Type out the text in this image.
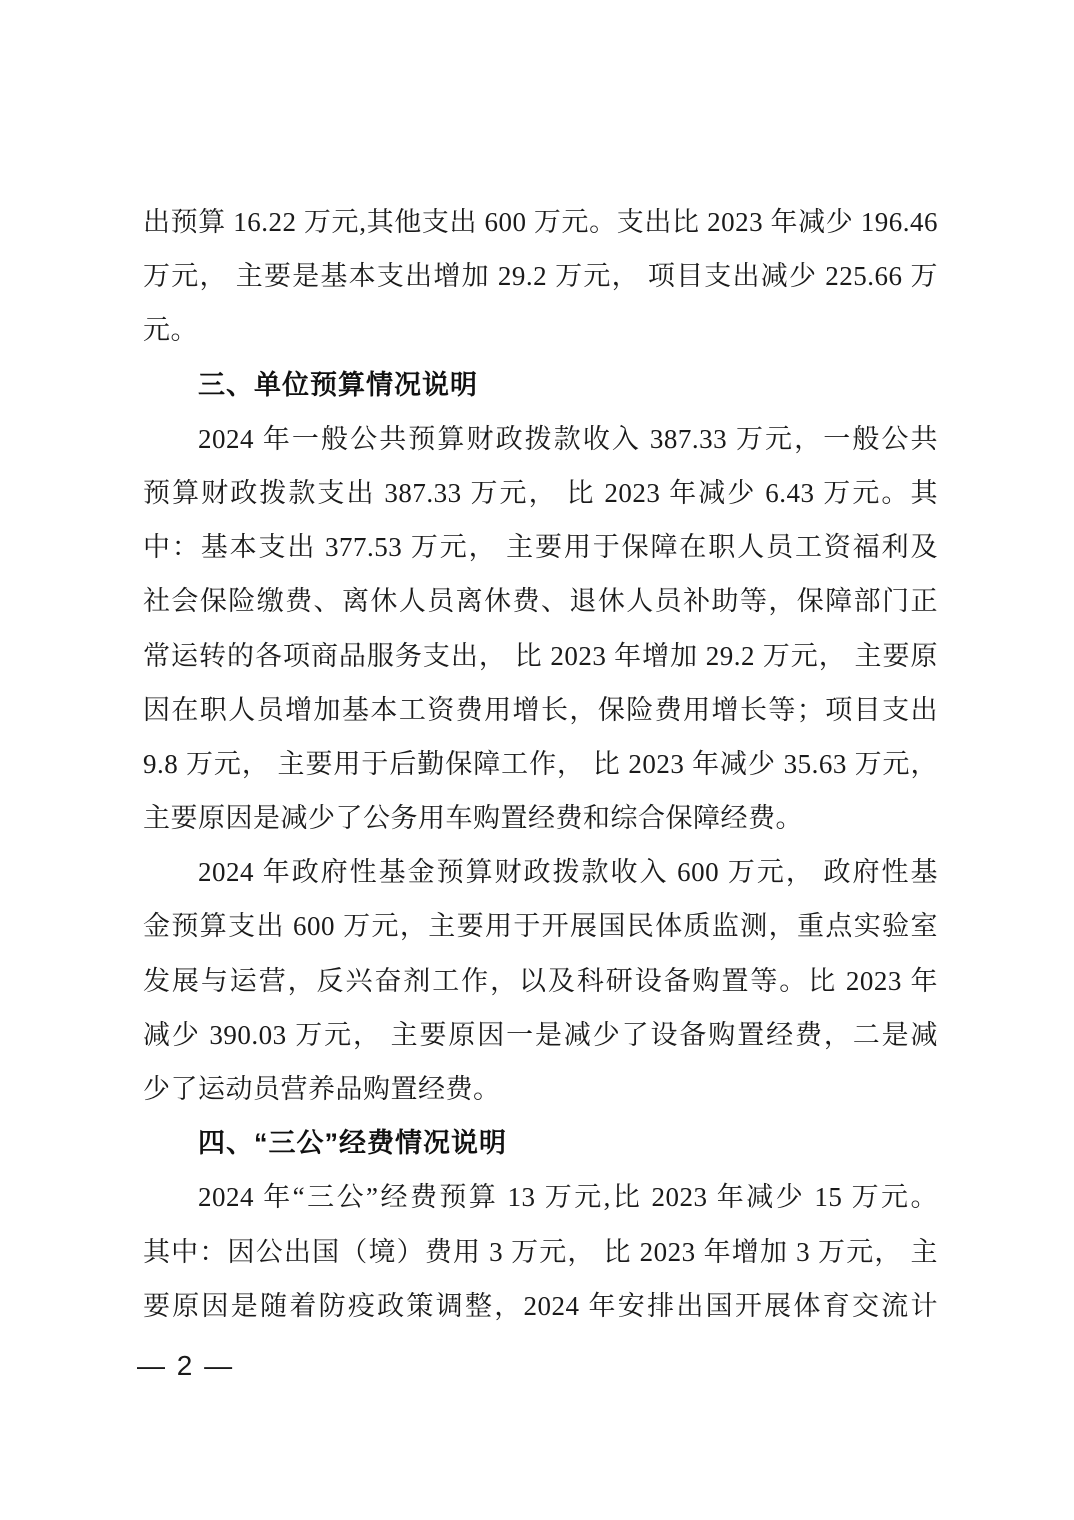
出预算 16.22 万元,其他支出 600 万元。支出比 2023 年减少 196.46
万元， 主要是基本支出增加 29.2 万元， 项目支出减少 225.66 万
元。
三、单位预算情况说明
2024 年一般公共预算财政拨款收入 387.33 万元，一般公共
预算财政拨款支出 387.33 万元， 比 2023 年减少 6.43 万元。其
中：基本支出 377.53 万元， 主要用于保障在职人员工资福利及
社会保险缴费、离休人员离休费、退休人员补助等，保障部门正
常运转的各项商品服务支出， 比 2023 年增加 29.2 万元， 主要原
因在职人员增加基本工资费用增长，保险费用增长等；项目支出
9.8 万元， 主要用于后勤保障工作， 比 2023 年减少 35.63 万元，
主要原因是减少了公务用车购置经费和综合保障经费。
2024 年政府性基金预算财政拨款收入 600 万元， 政府性基
金预算支出 600 万元，主要用于开展国民体质监测，重点实验室
发展与运营，反兴奋剂工作，以及科研设备购置等。比 2023 年
减少 390.03 万元， 主要原因一是减少了设备购置经费，二是减
少了运动员营养品购置经费。
四、“三公”经费情况说明
2024 年“三公”经费预算 13 万元,比 2023 年减少 15 万元。
其中：因公出国（境）费用 3 万元， 比 2023 年增加 3 万元， 主
要原因是随着防疫政策调整，2024 年安排出国开展体育交流计
— 2 —
